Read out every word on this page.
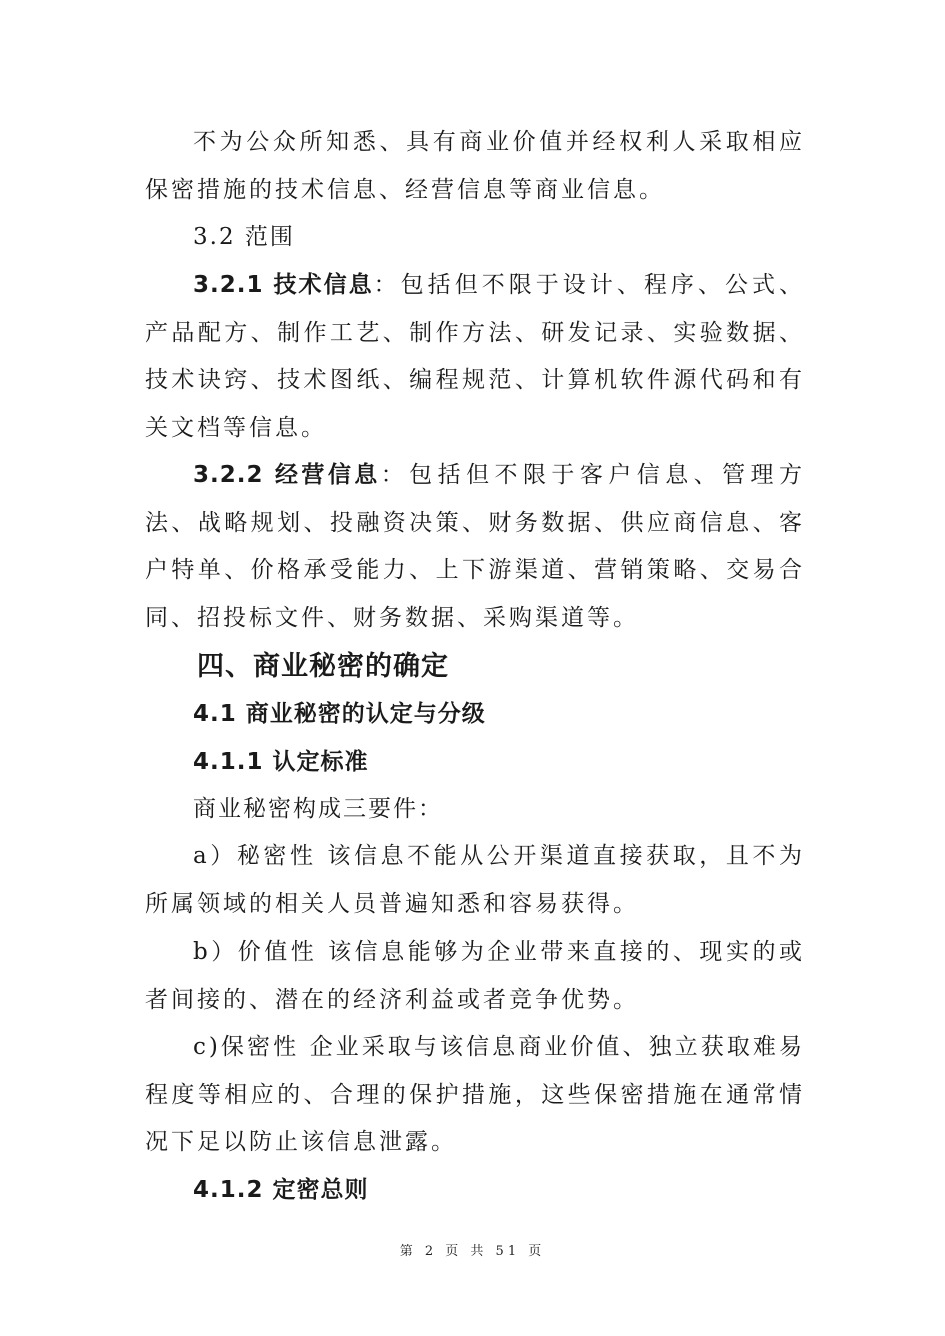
不为公众所知悉、具有商业价值并经权利人采取相应保密措施的技术信息、经营信息等商业信息。

3.2 范围

3.2.1 技术信息：包括但不限于设计、程序、公式、产品配方、制作工艺、制作方法、研发记录、实验数据、技术诀窍、技术图纸、编程规范、计算机软件源代码和有关文档等信息。

3.2.2 经营信息：包括但不限于客户信息、管理方法、战略规划、投融资决策、财务数据、供应商信息、客户特单、价格承受能力、上下游渠道、营销策略、交易合同、招投标文件、财务数据、采购渠道等。

四、商业秘密的确定

4.1 商业秘密的认定与分级

4.1.1 认定标准

商业秘密构成三要件：

a）秘密性 该信息不能从公开渠道直接获取，且不为所属领域的相关人员普遍知悉和容易获得。

b）价值性 该信息能够为企业带来直接的、现实的或者间接的、潜在的经济利益或者竞争优势。

c)保密性 企业采取与该信息商业价值、独立获取难易程度等相应的、合理的保护措施，这些保密措施在通常情况下足以防止该信息泄露。

4.1.2 定密总则

第 2 页 共 51 页
